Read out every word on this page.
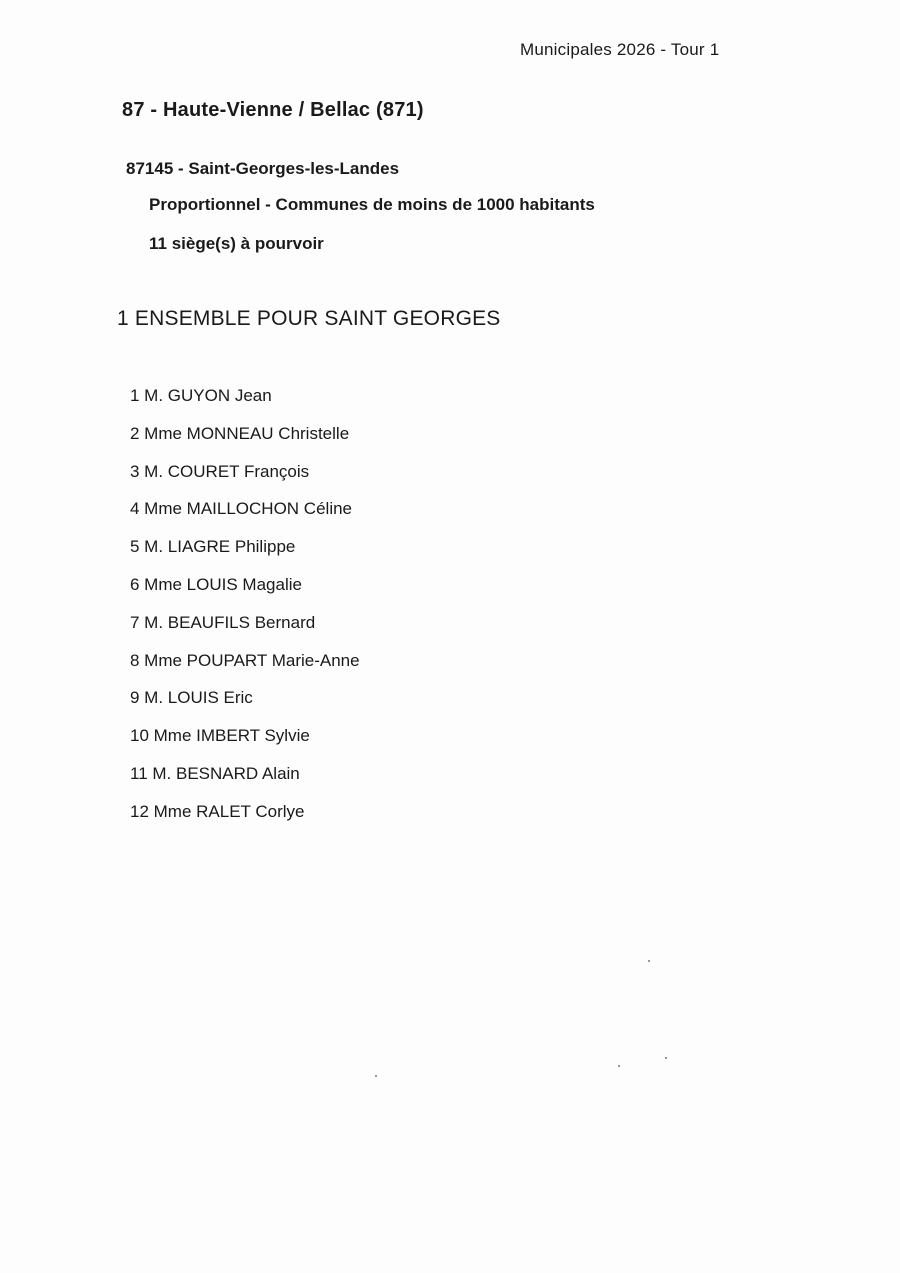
Municipales 2026 - Tour 1
87 - Haute-Vienne / Bellac (871)
87145 - Saint-Georges-les-Landes
Proportionnel - Communes de moins de 1000 habitants
11 siège(s) à pourvoir
1 ENSEMBLE POUR SAINT GEORGES
1 M. GUYON Jean
2 Mme MONNEAU Christelle
3 M. COURET François
4 Mme MAILLOCHON Céline
5 M. LIAGRE Philippe
6 Mme LOUIS Magalie
7 M. BEAUFILS Bernard
8 Mme POUPART Marie-Anne
9 M. LOUIS Eric
10 Mme IMBERT Sylvie
11 M. BESNARD Alain
12 Mme RALET Corlye
